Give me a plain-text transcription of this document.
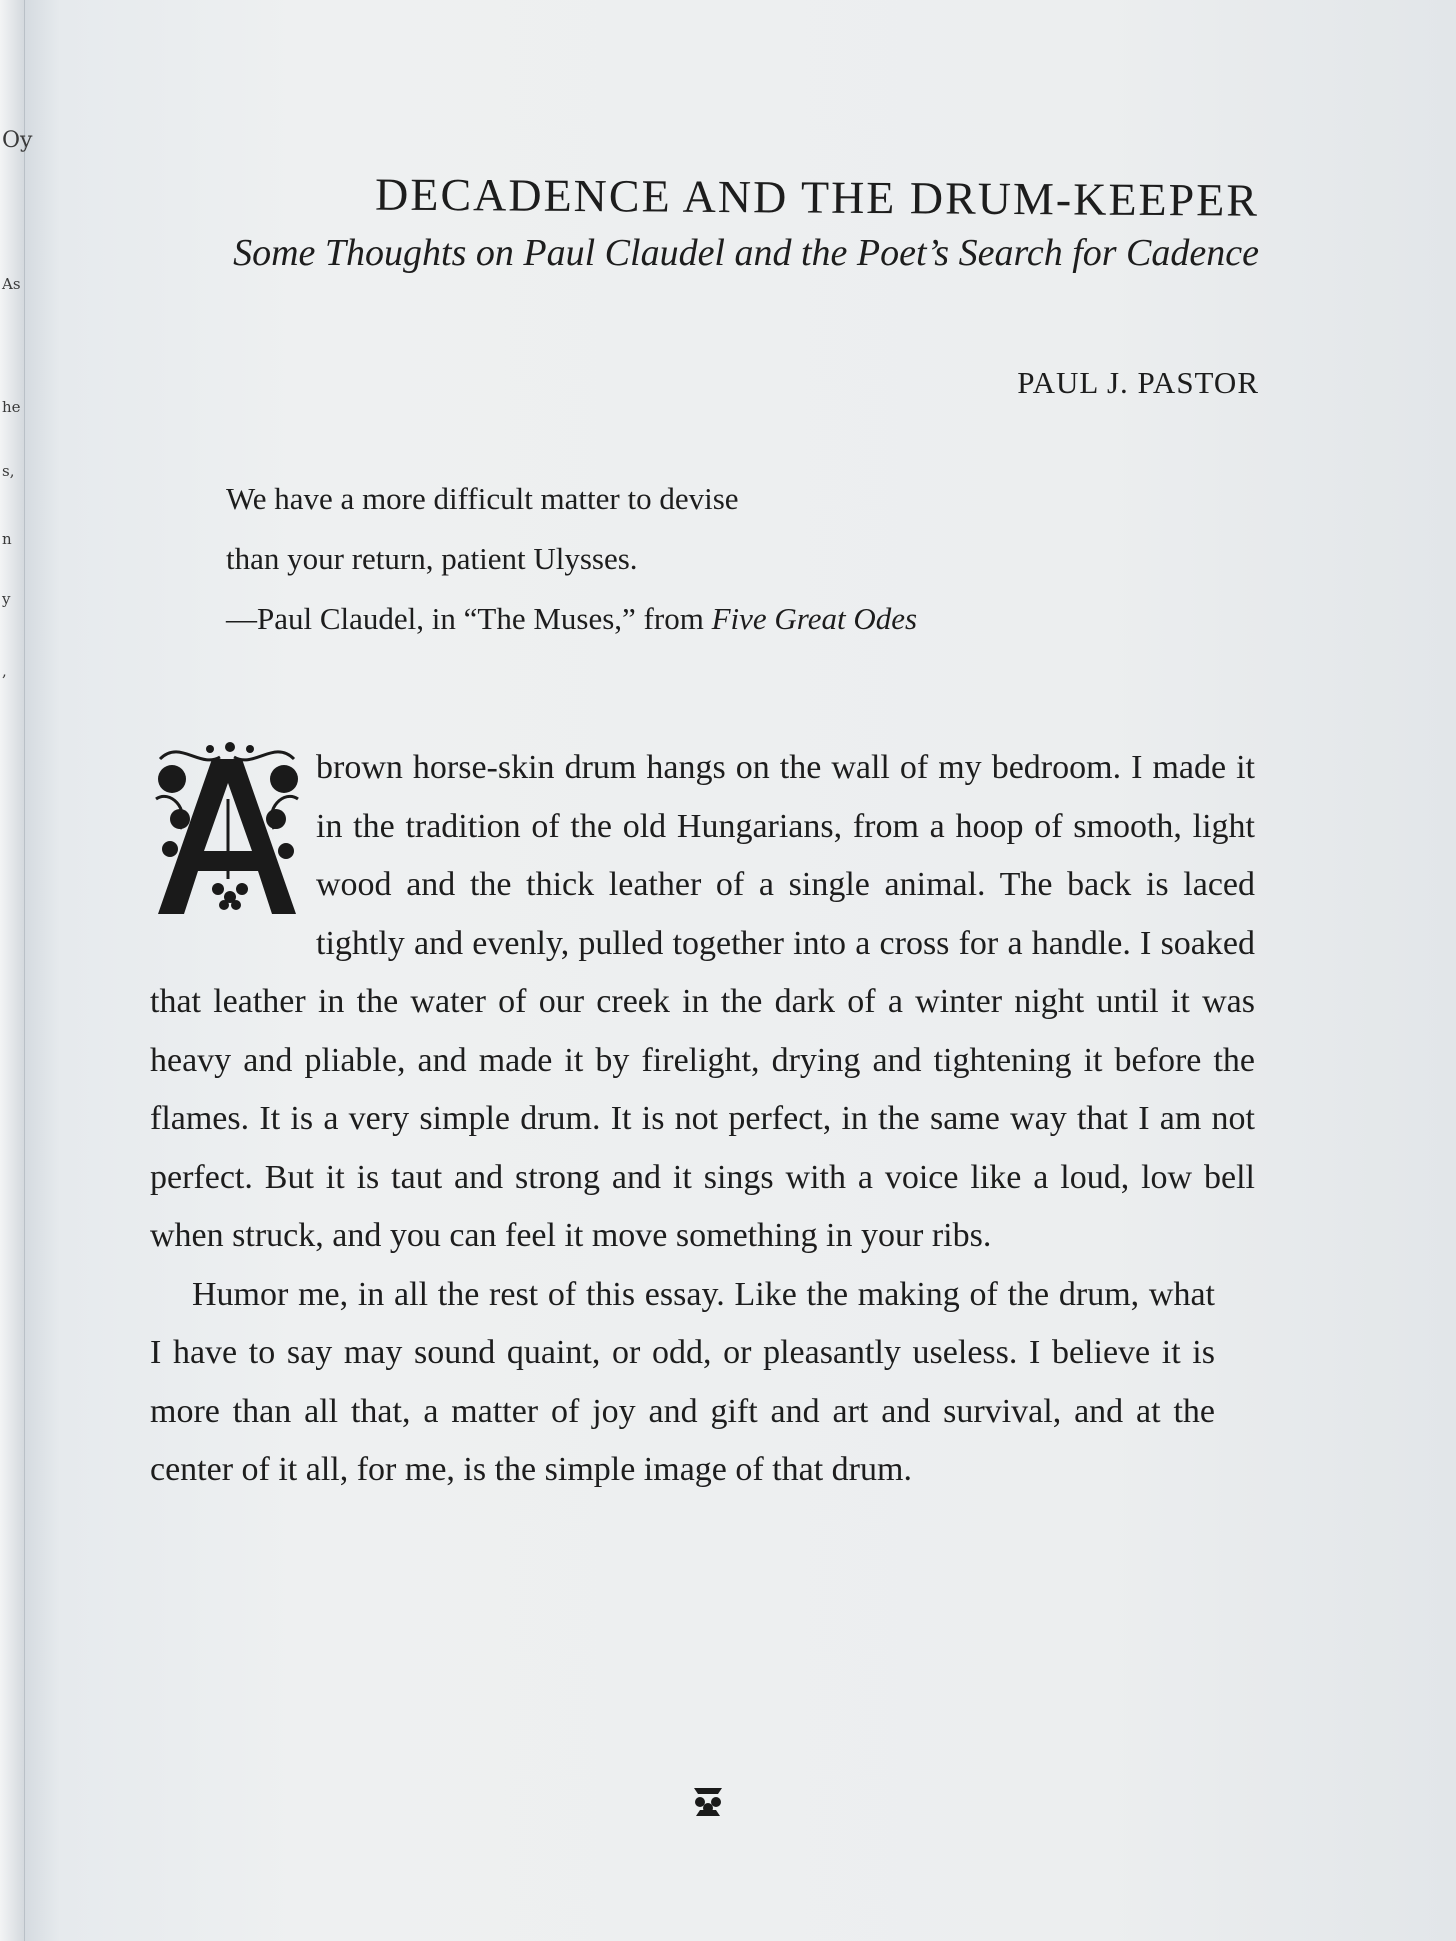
Oy
As
he
s,
n
y
,
DECADENCE AND THE DRUM-KEEPER

Some Thoughts on Paul Claudel and the Poet’s Search for Cadence

PAUL J. PASTOR

We have a more difficult matter to devise
than your return, patient Ulysses.
—Paul Claudel, in “The Muses,” from Five Great Odes

brown horse-skin drum hangs on the wall of my bedroom. I made it in the tradition of the old Hungarians, from a hoop of smooth, light wood and the thick leather of a single animal. The back is laced tightly and evenly, pulled together into a cross for a handle. I soaked that leather in the water of our creek in the dark of a winter night until it was heavy and pliable, and made it by firelight, drying and tightening it before the flames. It is a very simple drum. It is not perfect, in the same way that I am not perfect. But it is taut and strong and it sings with a voice like a loud, low bell when struck, and you can feel it move something in your ribs.

Humor me, in all the rest of this essay. Like the making of the drum, what I have to say may sound quaint, or odd, or pleasantly useless. I believe it is more than all that, a matter of joy and gift and art and survival, and at the center of it all, for me, is the simple image of that drum.
